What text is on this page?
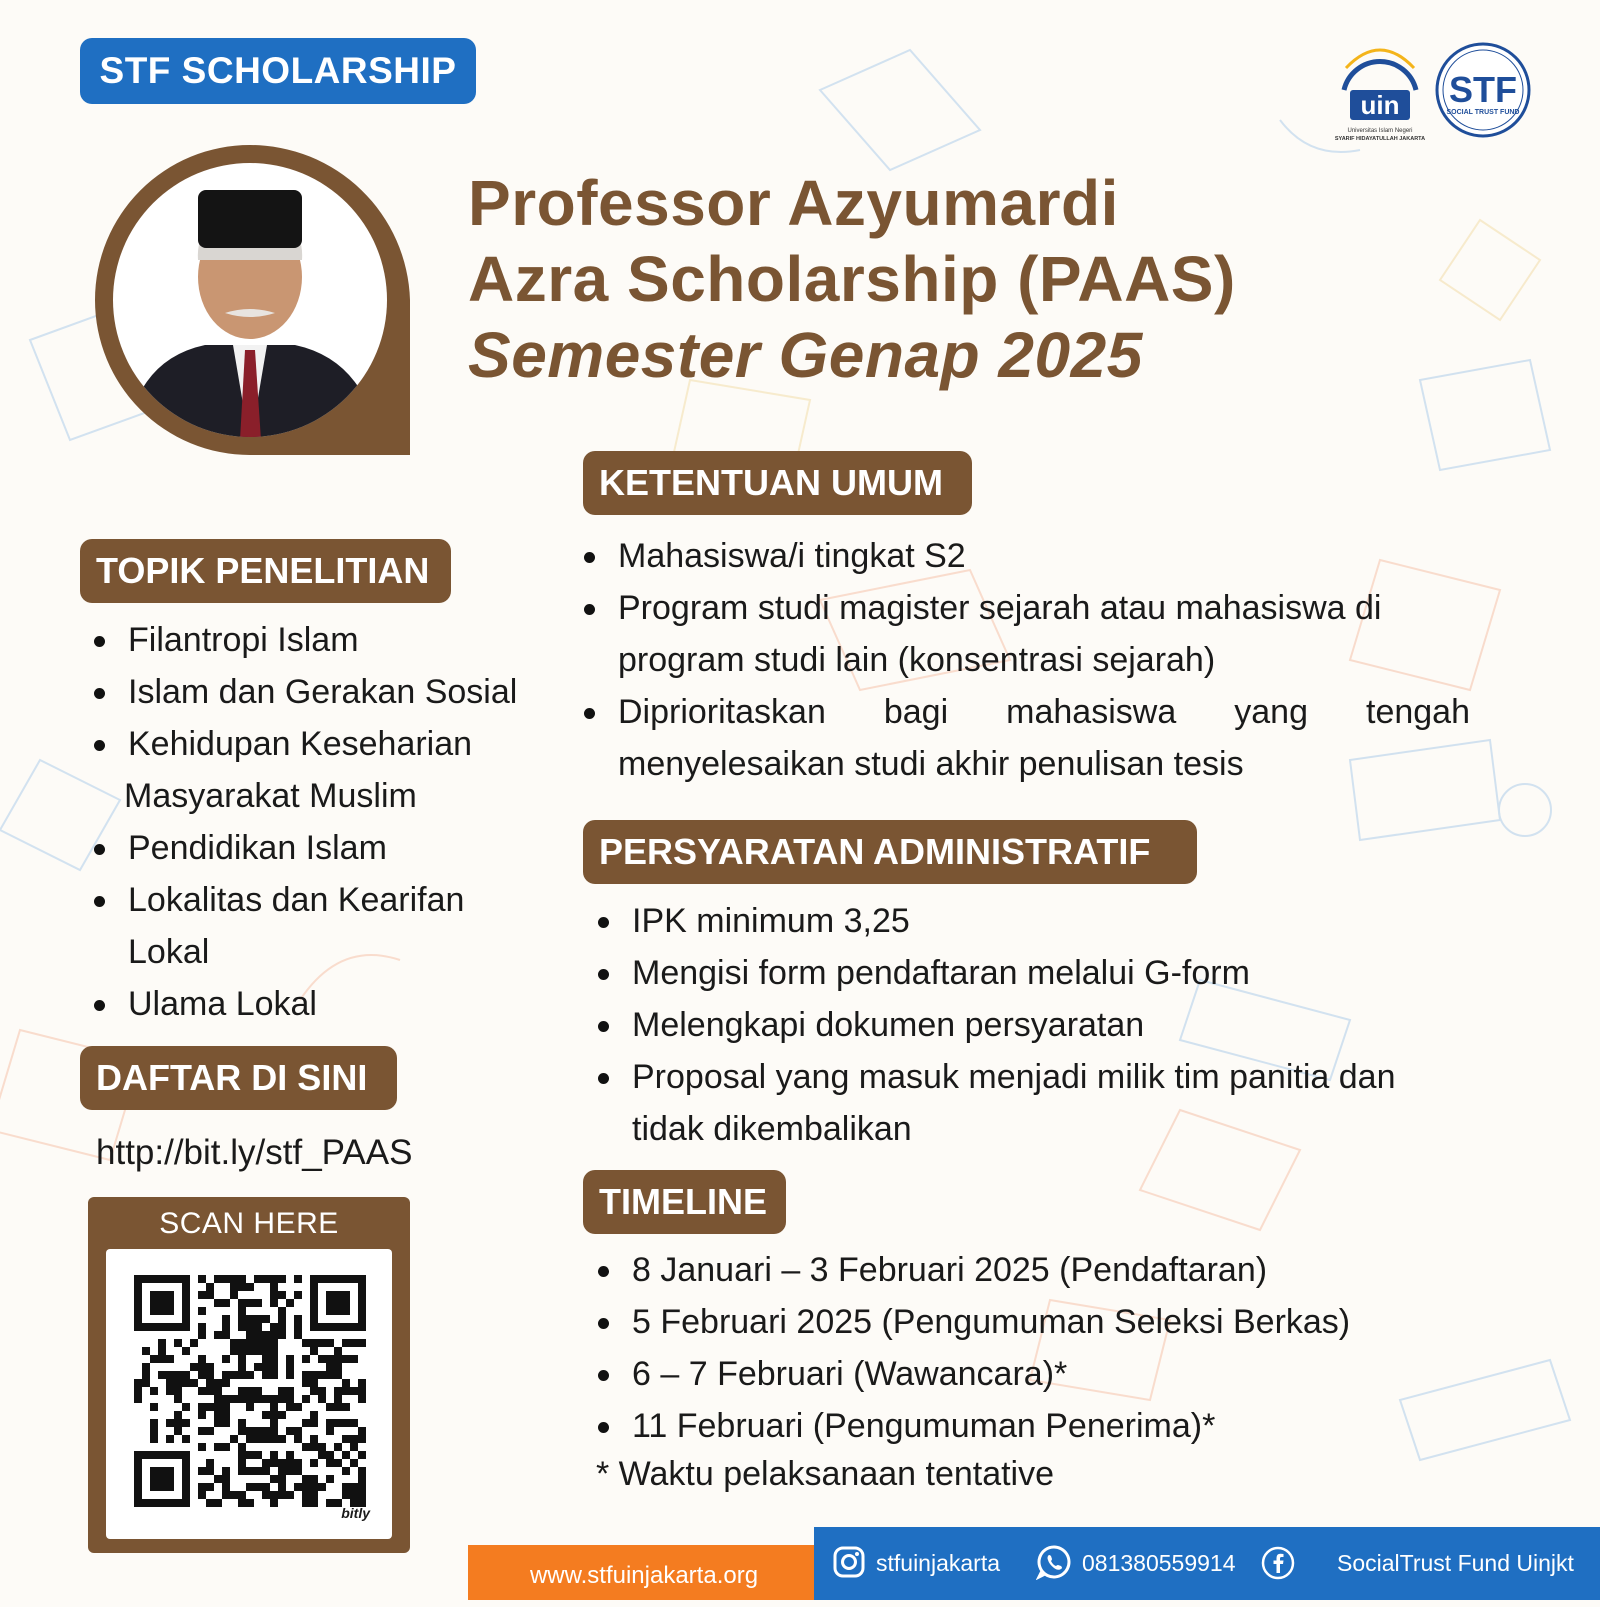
STF SCHOLARSHIP
uin
Universitas Islam Negeri
SYARIF HIDAYATULLAH JAKARTA
STF
SOCIAL TRUST FUND
Professor Azyumardi
Azra Scholarship (PAAS)
Semester Genap 2025
TOPIK PENELITIAN
Filantropi Islam
Islam dan Gerakan Sosial
Kehidupan Keseharian
Masyarakat Muslim
Pendidikan Islam
Lokalitas dan Kearifan
Lokal
Ulama Lokal
DAFTAR DI SINI
http://bit.ly/stf_PAAS
SCAN HERE
bitly
KETENTUAN UMUM
Mahasiswa/i tingkat S2
Program studi magister sejarah atau mahasiswa di
program studi lain (konsentrasi sejarah)
Diprioritaskan bagi mahasiswa yang tengah
menyelesaikan studi akhir penulisan tesis
PERSYARATAN ADMINISTRATIF
IPK minimum 3,25
Mengisi form pendaftaran melalui G-form
Melengkapi dokumen persyaratan
Proposal yang masuk menjadi milik tim panitia dan
tidak dikembalikan
TIMELINE
8 Januari – 3 Februari 2025 (Pendaftaran)
5 Februari 2025 (Pengumuman Seleksi Berkas)
6 – 7 Februari (Wawancara)*
11 Februari (Pengumuman Penerima)*
* Waktu pelaksanaan tentative
www.stfuinjakarta.org	stfuinjakarta	081380559914	SocialTrust Fund Uinjkt
